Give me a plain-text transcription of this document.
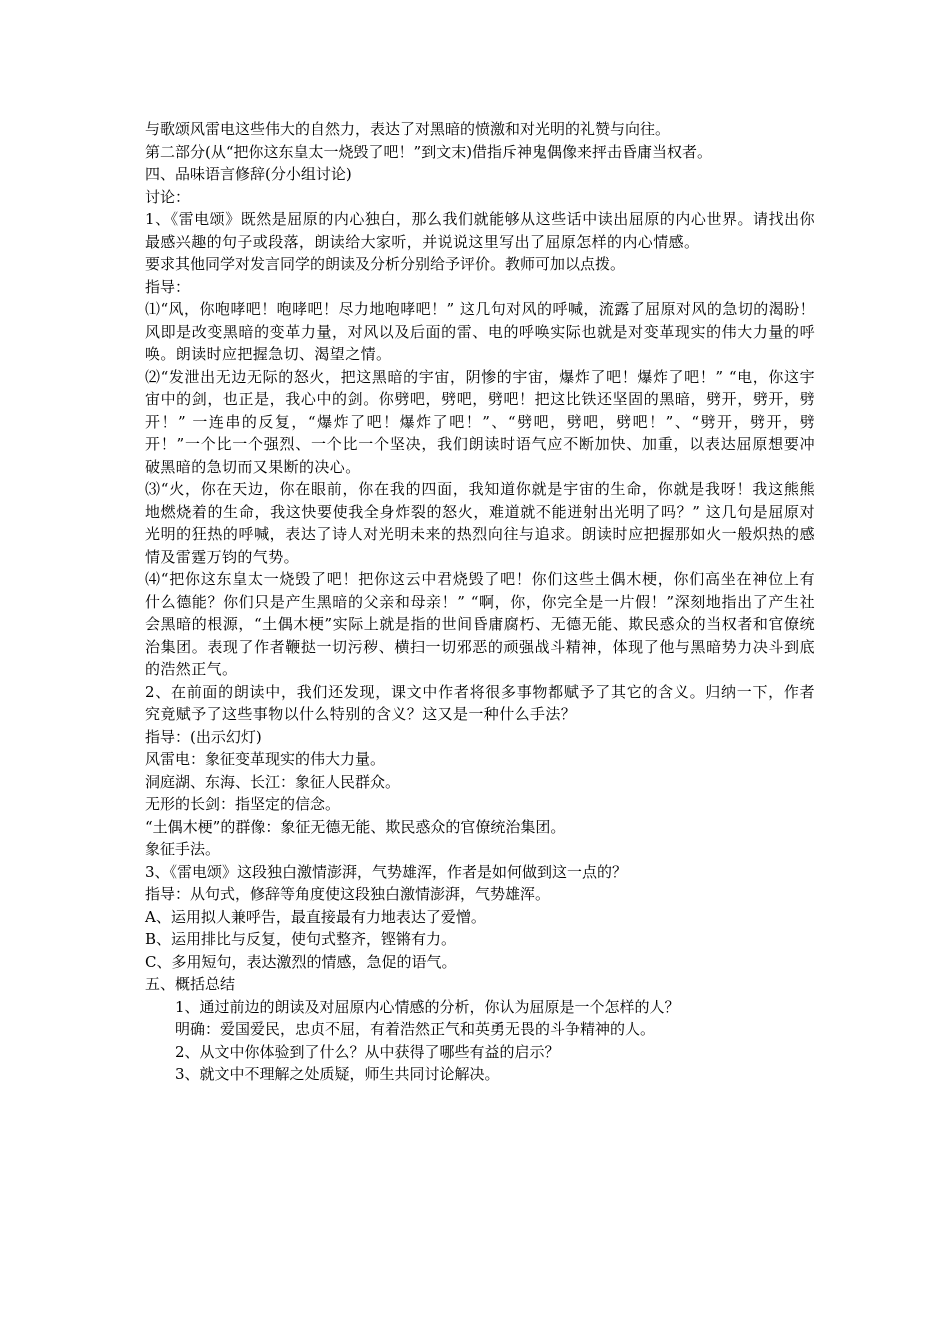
与歌颂风雷电这些伟大的自然力，表达了对黑暗的愤激和对光明的礼赞与向往。
第二部分(从“把你这东皇太一烧毁了吧！”到文末)借指斥神鬼偶像来抨击昏庸当权者。
四、品味语言修辞(分小组讨论)
讨论：
1、《雷电颂》既然是屈原的内心独白，那么我们就能够从这些话中读出屈原的内心世界。请找出你最感兴趣的句子或段落，朗读给大家听，并说说这里写出了屈原怎样的内心情感。
要求其他同学对发言同学的朗读及分析分别给予评价。教师可加以点拨。
指导：
⑴“风，你咆哮吧！咆哮吧！尽力地咆哮吧！” 这几句对风的呼喊，流露了屈原对风的急切的渴盼！风即是改变黑暗的变革力量，对风以及后面的雷、电的呼唤实际也就是对变革现实的伟大力量的呼唤。朗读时应把握急切、渴望之情。
⑵“发泄出无边无际的怒火，把这黑暗的宇宙，阴惨的宇宙，爆炸了吧！爆炸了吧！” “电，你这宇宙中的剑，也正是，我心中的剑。你劈吧，劈吧，劈吧！把这比铁还坚固的黑暗，劈开，劈开，劈开！” 一连串的反复，“爆炸了吧！爆炸了吧！”、“劈吧，劈吧，劈吧！”、“劈开，劈开，劈开！”一个比一个强烈、一个比一个坚决，我们朗读时语气应不断加快、加重，以表达屈原想要冲破黑暗的急切而又果断的决心。
⑶“火，你在天边，你在眼前，你在我的四面，我知道你就是宇宙的生命，你就是我呀！我这熊熊地燃烧着的生命，我这快要使我全身炸裂的怒火，难道就不能迸射出光明了吗？” 这几句是屈原对光明的狂热的呼喊，表达了诗人对光明未来的热烈向往与追求。朗读时应把握那如火一般炽热的感情及雷霆万钧的气势。
⑷“把你这东皇太一烧毁了吧！把你这云中君烧毁了吧！你们这些土偶木梗，你们高坐在神位上有什么德能？你们只是产生黑暗的父亲和母亲！” “啊，你，你完全是一片假！”深刻地指出了产生社会黑暗的根源，“土偶木梗”实际上就是指的世间昏庸腐朽、无德无能、欺民惑众的当权者和官僚统治集团。表现了作者鞭挞一切污秽、横扫一切邪恶的顽强战斗精神，体现了他与黑暗势力决斗到底的浩然正气。
2、在前面的朗读中，我们还发现，课文中作者将很多事物都赋予了其它的含义。归纳一下，作者究竟赋予了这些事物以什么特别的含义？这又是一种什么手法？
指导：(出示幻灯)
风雷电：象征变革现实的伟大力量。
洞庭湖、东海、长江：象征人民群众。
无形的长剑：指坚定的信念。
“土偶木梗”的群像：象征无德无能、欺民惑众的官僚统治集团。
象征手法。
3、《雷电颂》这段独白激情澎湃，气势雄浑，作者是如何做到这一点的？
指导：从句式，修辞等角度使这段独白激情澎湃，气势雄浑。
A、运用拟人兼呼告，最直接最有力地表达了爱憎。
B、运用排比与反复，使句式整齐，铿锵有力。
C、多用短句，表达激烈的情感，急促的语气。
五、概括总结
1、通过前边的朗读及对屈原内心情感的分析，你认为屈原是一个怎样的人？
明确：爱国爱民，忠贞不屈，有着浩然正气和英勇无畏的斗争精神的人。
2、从文中你体验到了什么？从中获得了哪些有益的启示？
3、就文中不理解之处质疑，师生共同讨论解决。
